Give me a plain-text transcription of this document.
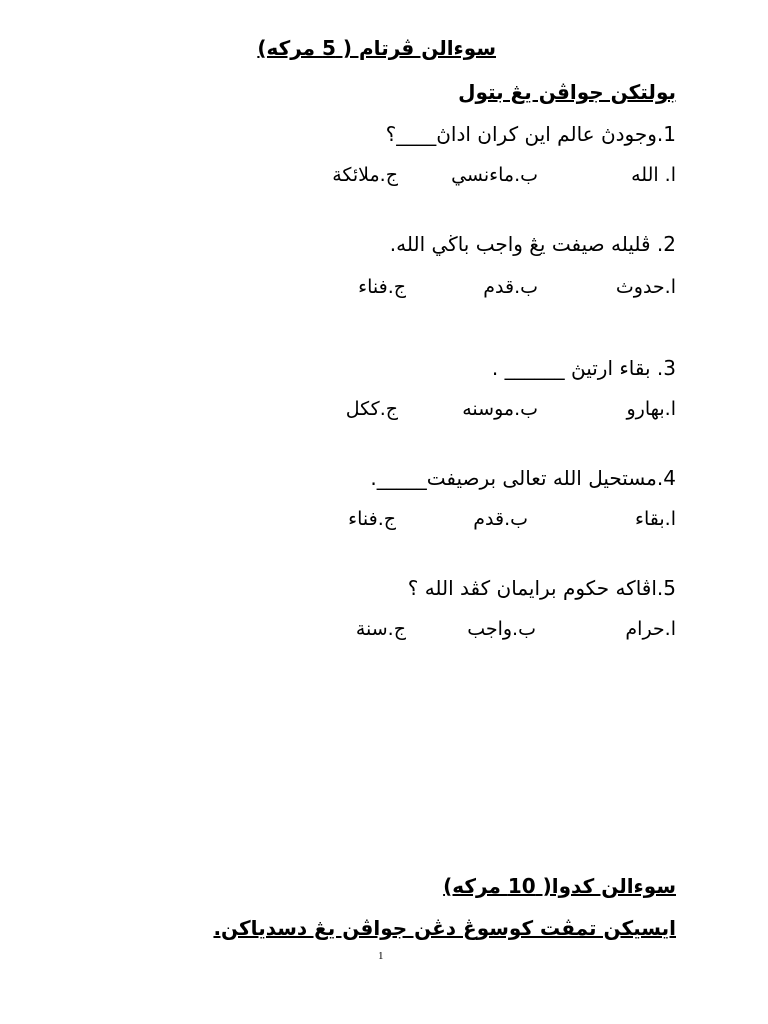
سوءالن ڤرتام ( 5 مركه)
بولتكن جواڤن يڠ بتول
1.وجودڽ عالم اين كران اداڽ____؟
ا. الله
ب.ماءنسي
ج.ملائكة
2. ڤليله صيفت يڠ واجب باڬي الله.
ا.حدوث
ب.قدم
ج.فناء
3. بقاء ارتيڽ ______ .
ا.بهارو
ب.موسنه
ج.ككل
4.مستحيل الله تعالى برصيفت_____.
ا.بقاء
ب.قدم
ج.فناء
5.اڤاكه حكوم برايمان كڤد الله ؟
ا.حرام
ب.واجب
ج.سنة
سوءالن كدوا( 10 مركه)
ايسيكن تمڤت كوسوڠ دڠن جواڤن يڠ دسدياكن.
1
